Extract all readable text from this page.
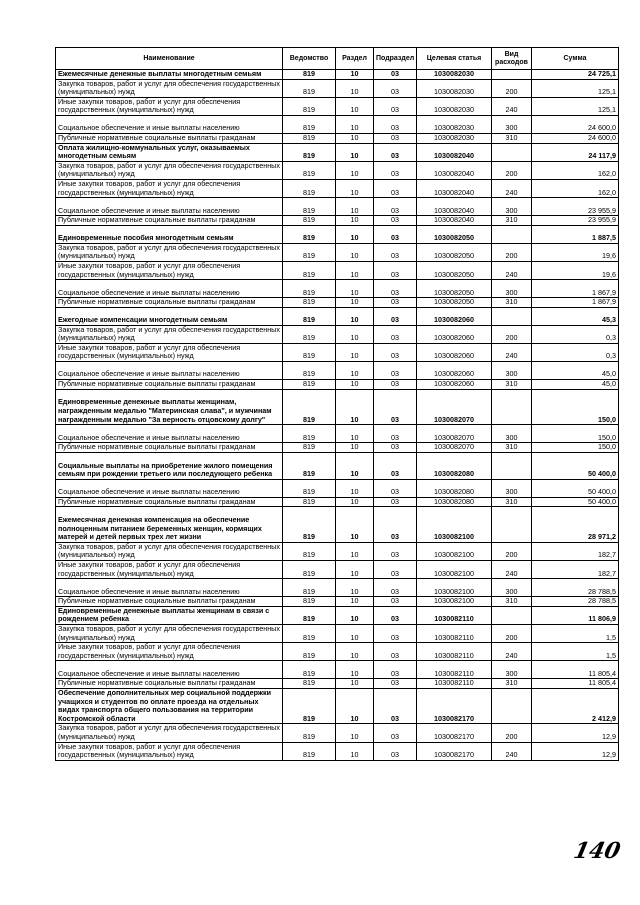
Наименование	Ведомство	Раздел	Подраздел	Целевая статья	Вид расходов	Сумма
Ежемесячные денежные выплаты многодетным семьям	819	10	03	1030082030		24 725,1
Закупка товаров, работ и услуг для обеспечения государственных (муниципальных) нужд	819	10	03	1030082030	200	125,1
Иные закупки товаров, работ и услуг для обеспечения государственных (муниципальных) нужд	819	10	03	1030082030	240	125,1
Социальное обеспечение и иные выплаты населению	819	10	03	1030082030	300	24 600,0
Публичные нормативные социальные выплаты гражданам	819	10	03	1030082030	310	24 600,0
Оплата жилищно-коммунальных услуг, оказываемых многодетным семьям	819	10	03	1030082040		24 117,9
Закупка товаров, работ и услуг для обеспечения государственных (муниципальных) нужд	819	10	03	1030082040	200	162,0
Иные закупки товаров, работ и услуг для обеспечения государственных (муниципальных) нужд	819	10	03	1030082040	240	162,0
Социальное обеспечение и иные выплаты населению	819	10	03	1030082040	300	23 955,9
Публичные нормативные социальные выплаты гражданам	819	10	03	1030082040	310	23 955,9
Единовременные пособия многодетным семьям	819	10	03	1030082050		1 887,5
Закупка товаров, работ и услуг для обеспечения государственных (муниципальных) нужд	819	10	03	1030082050	200	19,6
Иные закупки товаров, работ и услуг для обеспечения государственных (муниципальных) нужд	819	10	03	1030082050	240	19,6
Социальное обеспечение и иные выплаты населению	819	10	03	1030082050	300	1 867,9
Публичные нормативные социальные выплаты гражданам	819	10	03	1030082050	310	1 867,9
Ежегодные компенсации многодетным семьям	819	10	03	1030082060		45,3
Закупка товаров, работ и услуг для обеспечения государственных (муниципальных) нужд	819	10	03	1030082060	200	0,3
Иные закупки товаров, работ и услуг для обеспечения государственных (муниципальных) нужд	819	10	03	1030082060	240	0,3
Социальное обеспечение и иные выплаты населению	819	10	03	1030082060	300	45,0
Публичные нормативные социальные выплаты гражданам	819	10	03	1030082060	310	45,0
Единовременные денежные выплаты женщинам, награжденным медалью "Материнская слава", и мужчинам награжденным медалью "За верность отцовскому долгу"	819	10	03	1030082070		150,0
Социальное обеспечение и иные выплаты населению	819	10	03	1030082070	300	150,0
Публичные нормативные социальные выплаты гражданам	819	10	03	1030082070	310	150,0
Социальные выплаты на приобретение жилого помещения семьям при рождении третьего или последующего ребенка	819	10	03	1030082080		50 400,0
Социальное обеспечение и иные выплаты населению	819	10	03	1030082080	300	50 400,0
Публичные нормативные социальные выплаты гражданам	819	10	03	1030082080	310	50 400,0
Ежемесячная денежная компенсация на обеспечение полноценным питанием беременных женщин, кормящих матерей и детей первых трех лет жизни	819	10	03	1030082100		28 971,2
Закупка товаров, работ и услуг для обеспечения государственных (муниципальных) нужд	819	10	03	1030082100	200	182,7
Иные закупки товаров, работ и услуг для обеспечения государственных (муниципальных) нужд	819	10	03	1030082100	240	182,7
Социальное обеспечение и иные выплаты населению	819	10	03	1030082100	300	28 788,5
Публичные нормативные социальные выплаты гражданам	819	10	03	1030082100	310	28 788,5
Единовременные денежные выплаты женщинам в связи с рождением ребенка	819	10	03	1030082110		11 806,9
Закупка товаров, работ и услуг для обеспечения государственных (муниципальных) нужд	819	10	03	1030082110	200	1,5
Иные закупки товаров, работ и услуг для обеспечения государственных (муниципальных) нужд	819	10	03	1030082110	240	1,5
Социальное обеспечение и иные выплаты населению	819	10	03	1030082110	300	11 805,4
Публичные нормативные социальные выплаты гражданам	819	10	03	1030082110	310	11 805,4
Обеспечение дополнительных мер социальной поддержки учащихся и студентов по оплате проезда на отдельных видах транспорта общего пользования на территории Костромской области	819	10	03	1030082170		2 412,9
Закупка товаров, работ и услуг для обеспечения государственных (муниципальных) нужд	819	10	03	1030082170	200	12,9
Иные закупки товаров, работ и услуг для обеспечения государственных (муниципальных) нужд	819	10	03	1030082170	240	12,9
140
